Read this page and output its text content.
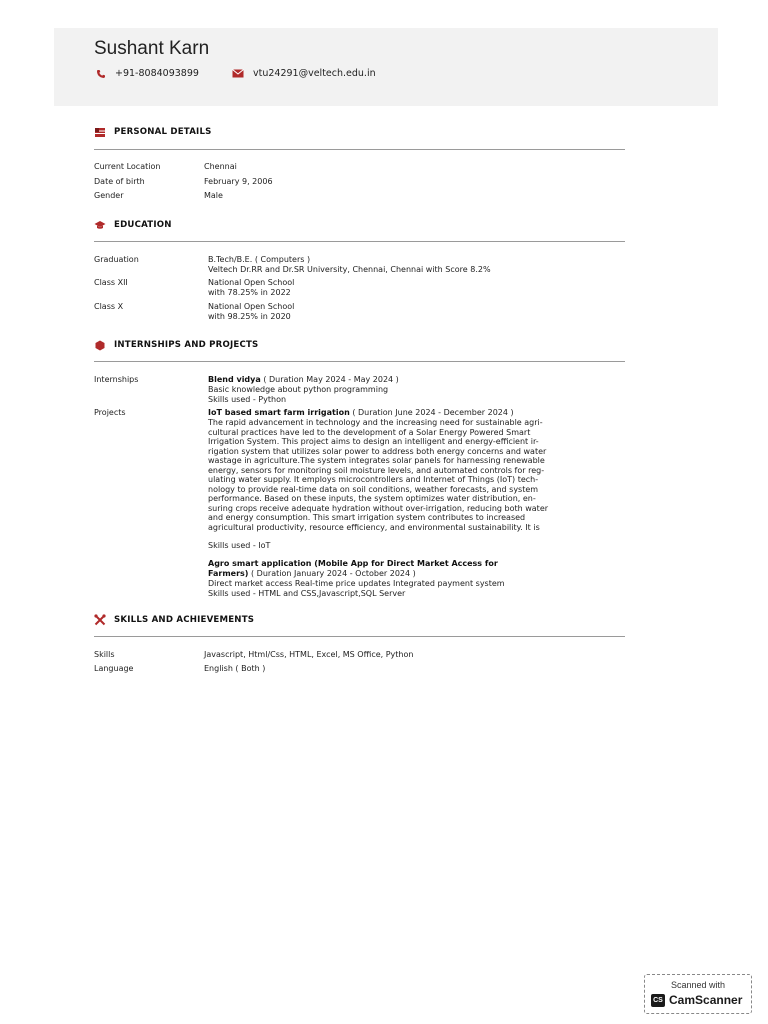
Sushant Karn
+91-8084093899	vtu24291@veltech.edu.in
PERSONAL DETAILS
Current Location	Chennai
Date of birth	February 9, 2006
Gender	Male
EDUCATION
Graduation	B.Tech/B.E. ( Computers )
Veltech Dr.RR and Dr.SR University, Chennai, Chennai with Score 8.2%
Class XII	National Open School
with 78.25% in 2022
Class X	National Open School
with 98.25% in 2020
INTERNSHIPS AND PROJECTS
Internships	Blend vidya ( Duration May 2024 - May 2024 )
Basic knowledge about python programming
Skills used - Python
Projects	IoT based smart farm irrigation ( Duration June 2024 - December 2024 )
The rapid advancement in technology and the increasing need for sustainable agri- cultural practices have led to the development of a Solar Energy Powered Smart Irrigation System. This project aims to design an intelligent and energy-efficient ir- rigation system that utilizes solar power to address both energy concerns and water wastage in agriculture.The system integrates solar panels for harnessing renewable energy, sensors for monitoring soil moisture levels, and automated controls for reg- ulating water supply. It employs microcontrollers and Internet of Things (IoT) tech- nology to provide real-time data on soil conditions, weather forecasts, and system performance. Based on these inputs, the system optimizes water distribution, en- suring crops receive adequate hydration without over-irrigation, reducing both water and energy consumption. This smart irrigation system contributes to increased agricultural productivity, resource efficiency, and environmental sustainability. It is
Skills used - IoT
Agro smart application (Mobile App for Direct Market Access for
Farmers) ( Duration January 2024 - October 2024 )
Direct market access Real-time price updates Integrated payment system
Skills used - HTML and CSS,Javascript,SQL Server
SKILLS AND ACHIEVEMENTS
Skills	Javascript, Html/Css, HTML, Excel, MS Office, Python
Language	English ( Both )
Scanned with
CS CamScanner
